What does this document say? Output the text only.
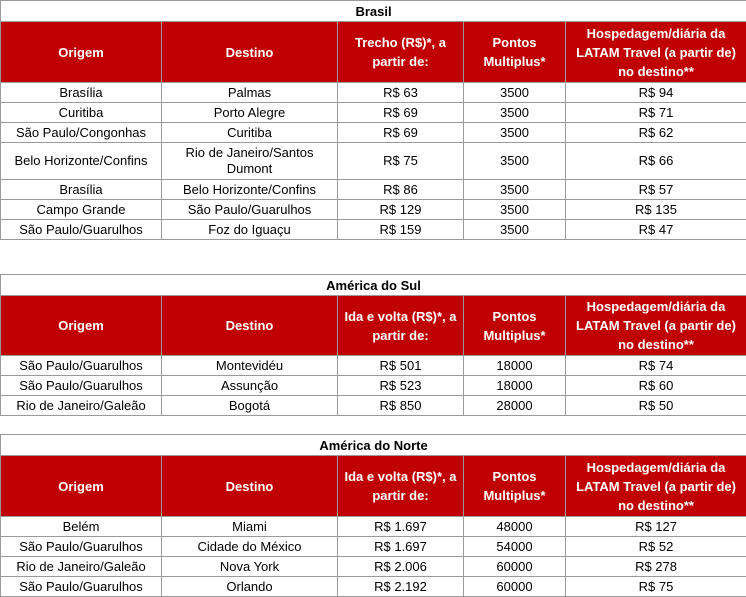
Brasil				
Origem	Destino	Trecho (R$)*, a partir de:	Pontos Multiplus*	Hospedagem/diária da LATAM Travel (a partir de) no destino**
Brasília	Palmas	R$ 63	3500	R$ 94
Curitiba	Porto Alegre	R$ 69	3500	R$ 71
São Paulo/Congonhas	Curitiba	R$ 69	3500	R$ 62
Belo Horizonte/Confins	Rio de Janeiro/Santos Dumont	R$ 75	3500	R$ 66
Brasília	Belo Horizonte/Confins	R$ 86	3500	R$ 57
Campo Grande	São Paulo/Guarulhos	R$ 129	3500	R$ 135
São Paulo/Guarulhos	Foz do Iguaçu	R$ 159	3500	R$ 47
América do Sul				
Origem	Destino	Ida e volta (R$)*, a partir de:	Pontos Multiplus*	Hospedagem/diária da LATAM Travel (a partir de) no destino**
São Paulo/Guarulhos	Montevidéu	R$ 501	18000	R$ 74
São Paulo/Guarulhos	Assunção	R$ 523	18000	R$ 60
Rio de Janeiro/Galeão	Bogotá	R$ 850	28000	R$ 50
América do Norte				
Origem	Destino	Ida e volta (R$)*, a partir de:	Pontos Multiplus*	Hospedagem/diária da LATAM Travel (a partir de) no destino**
Belém	Miami	R$ 1.697	48000	R$ 127
São Paulo/Guarulhos	Cidade do México	R$ 1.697	54000	R$ 52
Rio de Janeiro/Galeão	Nova York	R$ 2.006	60000	R$ 278
São Paulo/Guarulhos	Orlando	R$ 2.192	60000	R$ 75
